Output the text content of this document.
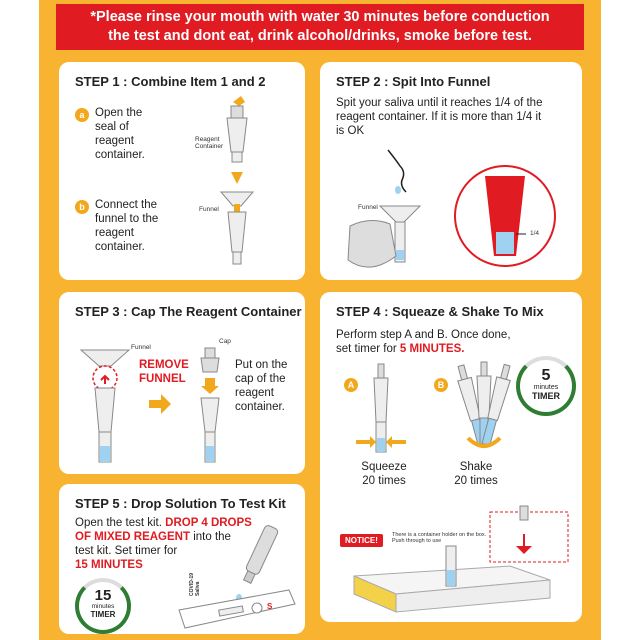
*Please rinse your mouth with water 30 minutes before conduction
the test and dont eat, drink alcohol/drinks, smoke before test.
STEP 1 : Combine Item 1 and 2
a Open the
seal of
reagent
container.
b Connect the
funnel to the
reagent
container.
Reagent
Container
Funnel
STEP 2 : Spit Into Funnel
Spit your saliva until it reaches 1/4 of the
reagent container. If it is more than 1/4 it
is OK
Funnel
1/4
STEP 3 : Cap The Reagent Container
Funnel
Cap
REMOVE
FUNNEL
Put on the
cap of the
reagent
container.
STEP 4 : Squeaze & Shake To Mix
Perform step A and B. Once done,
set timer for 5 MINUTES.
5
minutes
TIMER
A	B
Squeeze
20 times
Shake
20 times
NOTICE!
There is a container holder on the box.
Push through to use
STEP 5 : Drop Solution To Test Kit
Open the test kit. DROP 4 DROPS
OF MIXED REAGENT into the
test kit. Set timer for
15 MINUTES
15
minutes
TIMER
COVID-19 Saliva
S
